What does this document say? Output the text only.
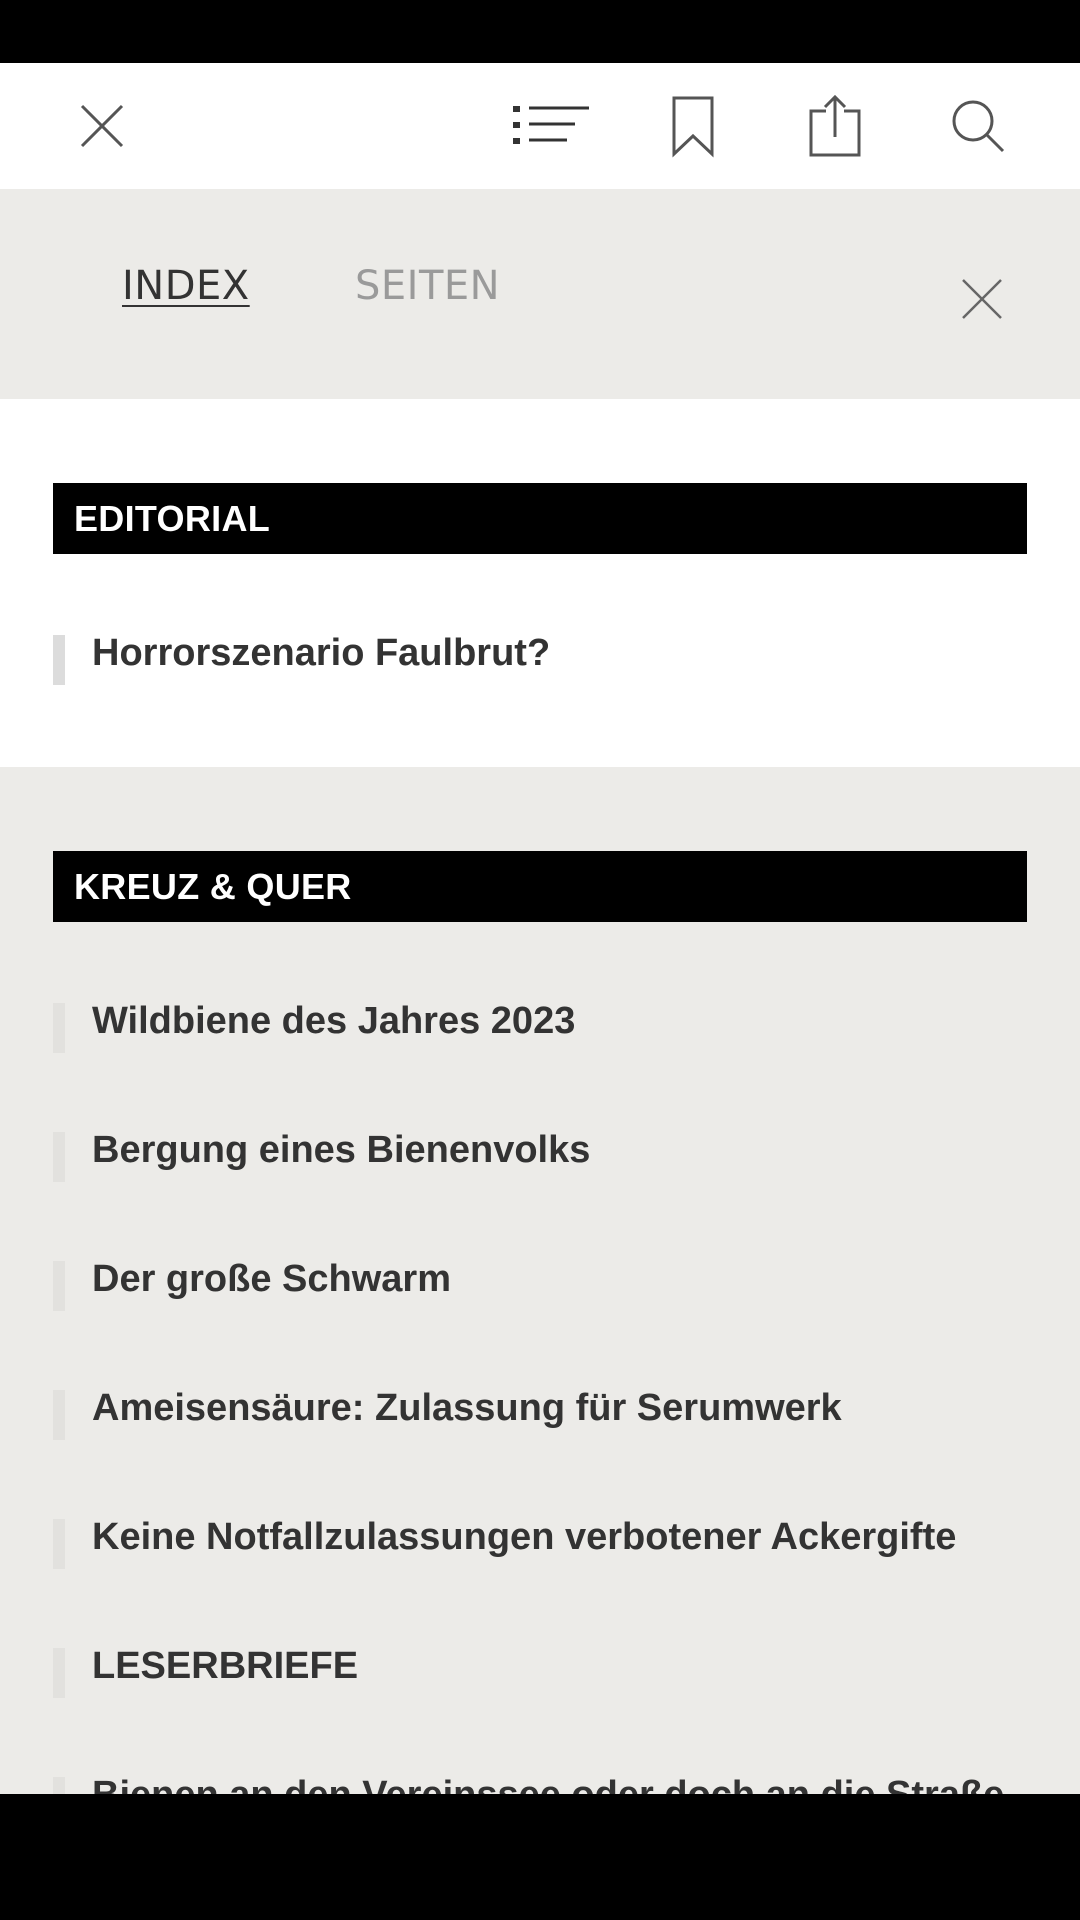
INDEX	SEITEN
EDITORIAL
Horrorszenario Faulbrut?
KREUZ & QUER
Wildbiene des Jahres 2023
Bergung eines Bienenvolks
Der große Schwarm
Ameisensäure: Zulassung für Serumwerk
Keine Notfallzulassungen verbotener Ackergifte
LESERBRIEFE
